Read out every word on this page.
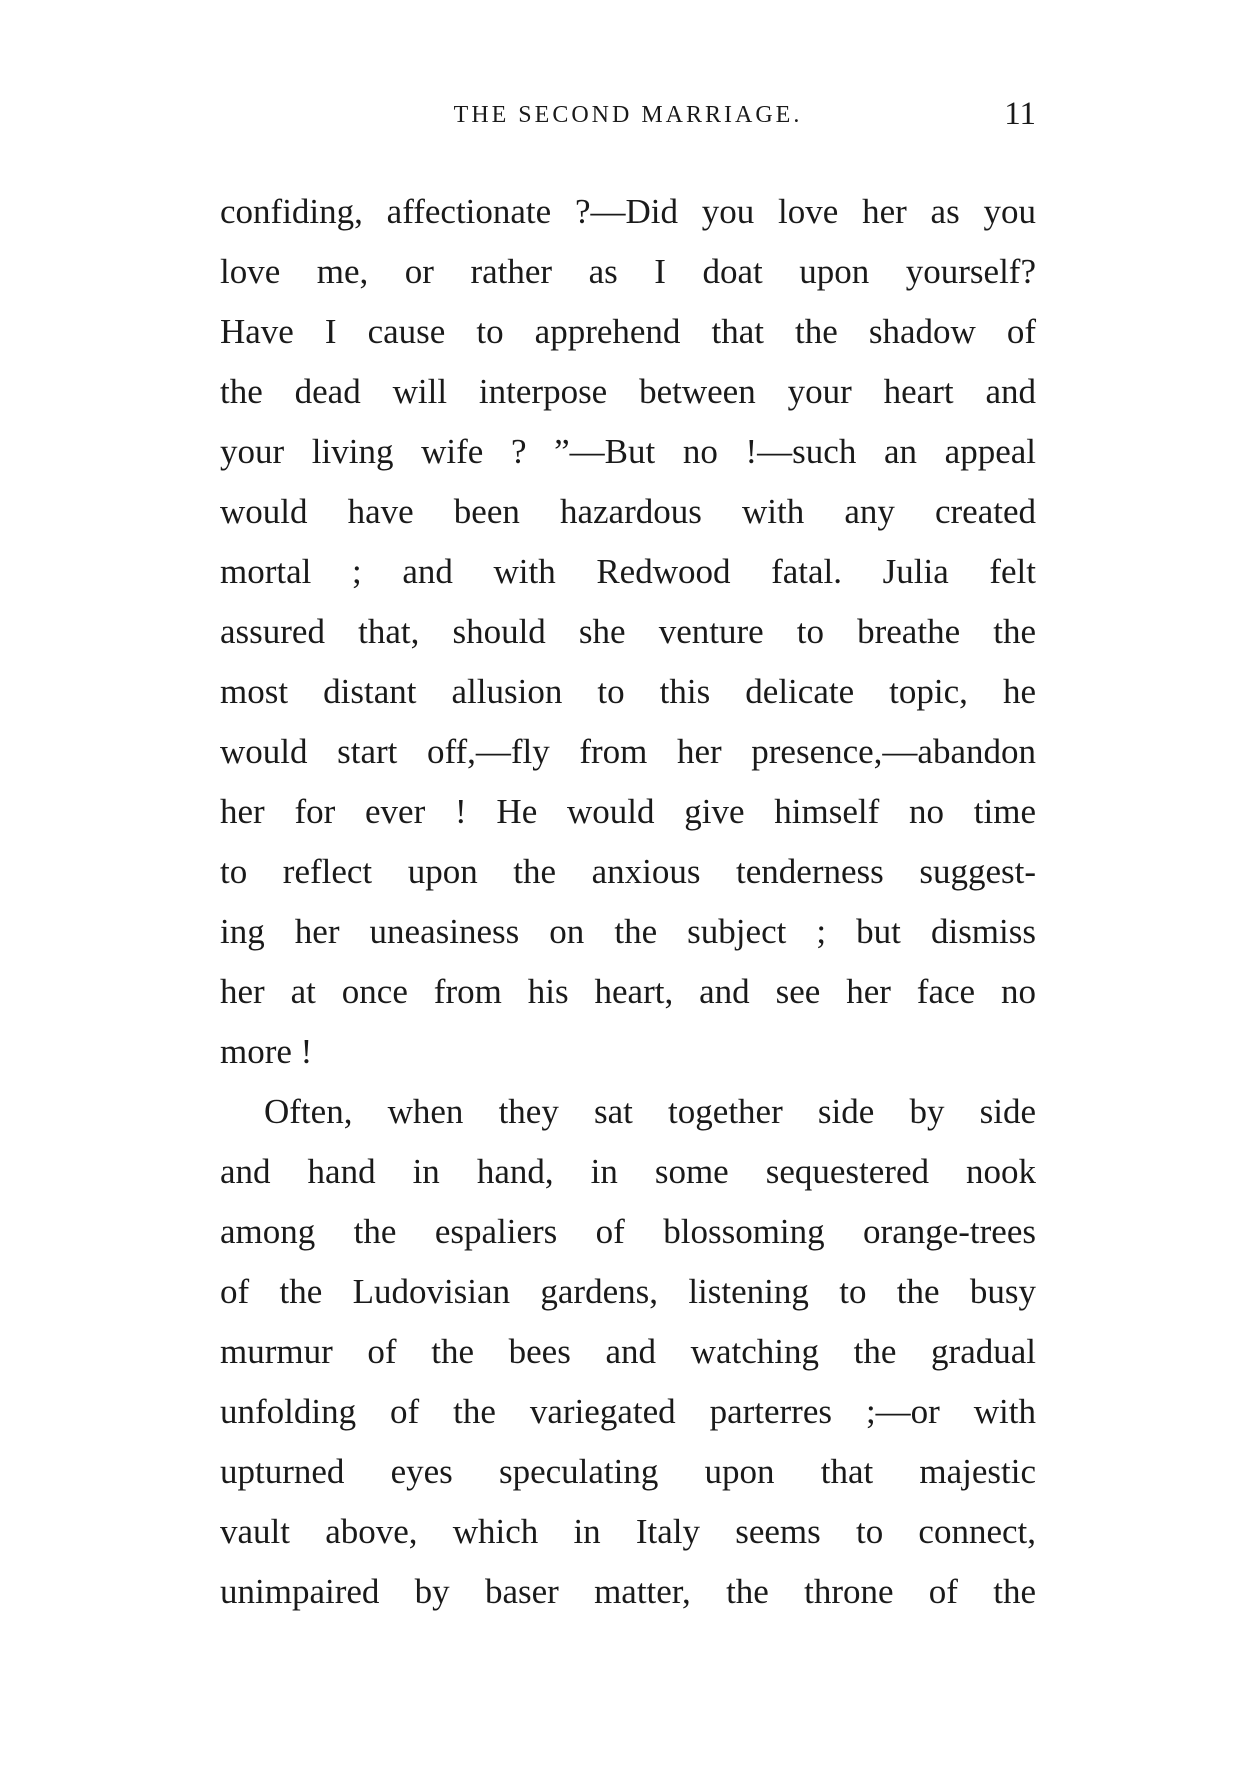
THE SECOND MARRIAGE.	11
confiding, affectionate ?—Did you love her as you
love me, or rather as I doat upon yourself?
Have I cause to apprehend that the shadow of
the dead will interpose between your heart and
your living wife ? ”—But no !—such an appeal
would have been hazardous with any created
mortal ; and with Redwood fatal. Julia felt
assured that, should she venture to breathe the
most distant allusion to this delicate topic, he
would start off,—fly from her presence,—abandon
her for ever ! He would give himself no time
to reflect upon the anxious tenderness suggest-
ing her uneasiness on the subject ; but dismiss
her at once from his heart, and see her face no
more !
Often, when they sat together side by side
and hand in hand, in some sequestered nook
among the espaliers of blossoming orange-trees
of the Ludovisian gardens, listening to the busy
murmur of the bees and watching the gradual
unfolding of the variegated parterres ;—or with
upturned eyes speculating upon that majestic
vault above, which in Italy seems to connect,
unimpaired by baser matter, the throne of the
